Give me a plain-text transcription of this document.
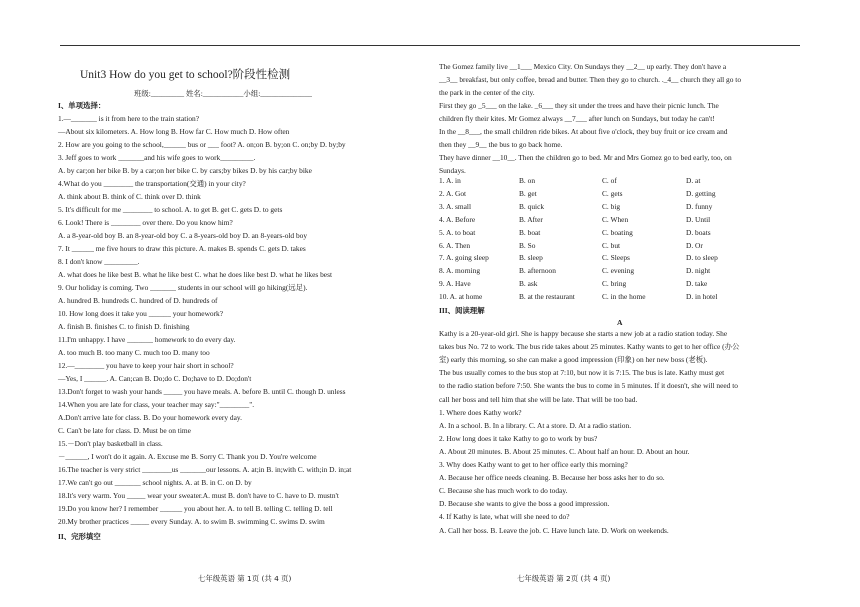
Unit3 How do you get to school?阶段性检测
班级:_________ 姓名:___________小组:______________
I、单项选择：
1.—_______ is it from here to the train station?
—About six kilometers. A. How long B. How far C. How much D. How often
2. How are you going to the school,______ bus or ___ foot? A. on;on B. by;on C. on;by D. by;by
3. Jeff goes to work _______and his wife goes to work_________.
A. by car;on her bike B. by a car;on her bike C. by cars;by bikes D. by his car;by bike
4.What do you ________ the transportation(交通) in your city?
A. think about B. think of C. think over D. think
5. It's difficult for me ________ to school. A. to get B. get C. gets D. to gets
6. Look! There is ________ over there. Do you know him?
A. a 8-year-old boy B. an 8-year-old boy C. a 8-years-old boy D. an 8-years-old boy
7. It ______ me five hours to draw this picture. A. makes B. spends C. gets D. takes
8. I don't know _________.
A. what does he like best B. what he like best C. what he does like best D. what he likes best
9. Our holiday is coming. Two _______ students in our school will go hiking(远足).
A. hundred B. hundreds C. hundred of D. hundreds of
10. How long does it take you ______ your homework?
A. finish B. finishes C. to finish D. finishing
11.I'm unhappy. I have _______ homework to do every day.
A. too much B. too many C. much too D. many too
12.—________ you have to keep your hair short in school?
—Yes, I ______. A. Can;can B. Do;do C. Do;have to D. Do;don't
13.Don't forget to wash your hands _____ you have meals. A. before B. until C. though D. unless
14.When you are late for class, your teacher may say:"________".
A.Don't arrive late for class. B. Do your homework every day.
C. Can't be late for class. D. Must be on time
15.－Don't play basketball in class.
－______, I won't do it again. A. Excuse me B. Sorry C. Thank you D. You're welcome
16.The teacher is very strict ________us _______our lessons. A. at;in B. in;with C. with;in D. in;at
17.We can't go out _______ school nights. A. at B. in C. on D. by
18.It's very warm. You _____ wear your sweater.A. must B. don't have to C. have to D. mustn't
19.Do you know her? I remember ______ you about her. A. to tell B. telling C. telling D. tell
20.My brother practices _____ every Sunday. A. to swim B. swimming C. swims D. swim
II、完形填空
七年级英语 第 1页 (共 4 页)
The Gomez family live __1___ Mexico City. On Sundays they __2__ up early. They don't have a
__3__ breakfast, but only coffee, bread and butter. Then they go to church. ._4__ church they all go to
the park in the center of the city.
First they go _5___ on the lake. _6___ they sit under the trees and have their picnic lunch. The
children fly their kites. Mr Gomez always __7___ after lunch on Sundays, but today he can't!
In the __8___, the small children ride bikes. At about five o'clock, they buy fruit or ice cream and
then they __9__ the bus to go back home.
They have dinner __10__. Then the children go to bed. Mr and Mrs Gomez go to bed early, too, on
Sundays.
1. A. in	B. on	C. of	D. at
2. A. Got	B. get	C. gets	D. getting
3. A. small	B. quick	C. big	D. funny
4. A. Before	B. After	C. When	D. Until
5. A. to boat	B. boat	C. boating	D. boats
6. A. Then	B. So	C. but	D. Or
7. A. going sleep	B. sleep	C. Sleeps	D. to sleep
8. A. morning	B. afternoon	C. evening	D. night
9. A. Have	B. ask	C. bring	D. take
10. A. at home	B. at the restaurant	C. in the home	D. in hotel
III、阅读理解
A
Kathy is a 20-year-old girl. She is happy because she starts a new job at a radio station today. She
takes bus No. 72 to work. The bus ride takes about 25 minutes. Kathy wants to get to her office (办公
室) early this morning, so she can make a good impression (印象) on her new boss (老板).
The bus usually comes to the bus stop at 7:10, but now it is 7:15. The bus is late. Kathy must get
to the radio station before 7:50. She wants the bus to come in 5 minutes. If it doesn't, she will need to
call her boss and tell him that she will be late. That will be too bad.
1. Where does Kathy work?
A. In a school. B. In a library. C. At a store. D. At a radio station.
2. How long does it take Kathy to go to work by bus?
A. About 20 minutes. B. About 25 minutes. C. About half an hour. D. About an hour.
3. Why does Kathy want to get to her office early this morning?
A. Because her office needs cleaning. B. Because her boss asks her to do so.
C. Because she has much work to do today.
D. Because she wants to give the boss a good impression.
4. If Kathy is late, what will she need to do?
A. Call her boss. B. Leave the job. C. Have lunch late. D. Work on weekends.
七年级英语 第 2页 (共 4 页)
